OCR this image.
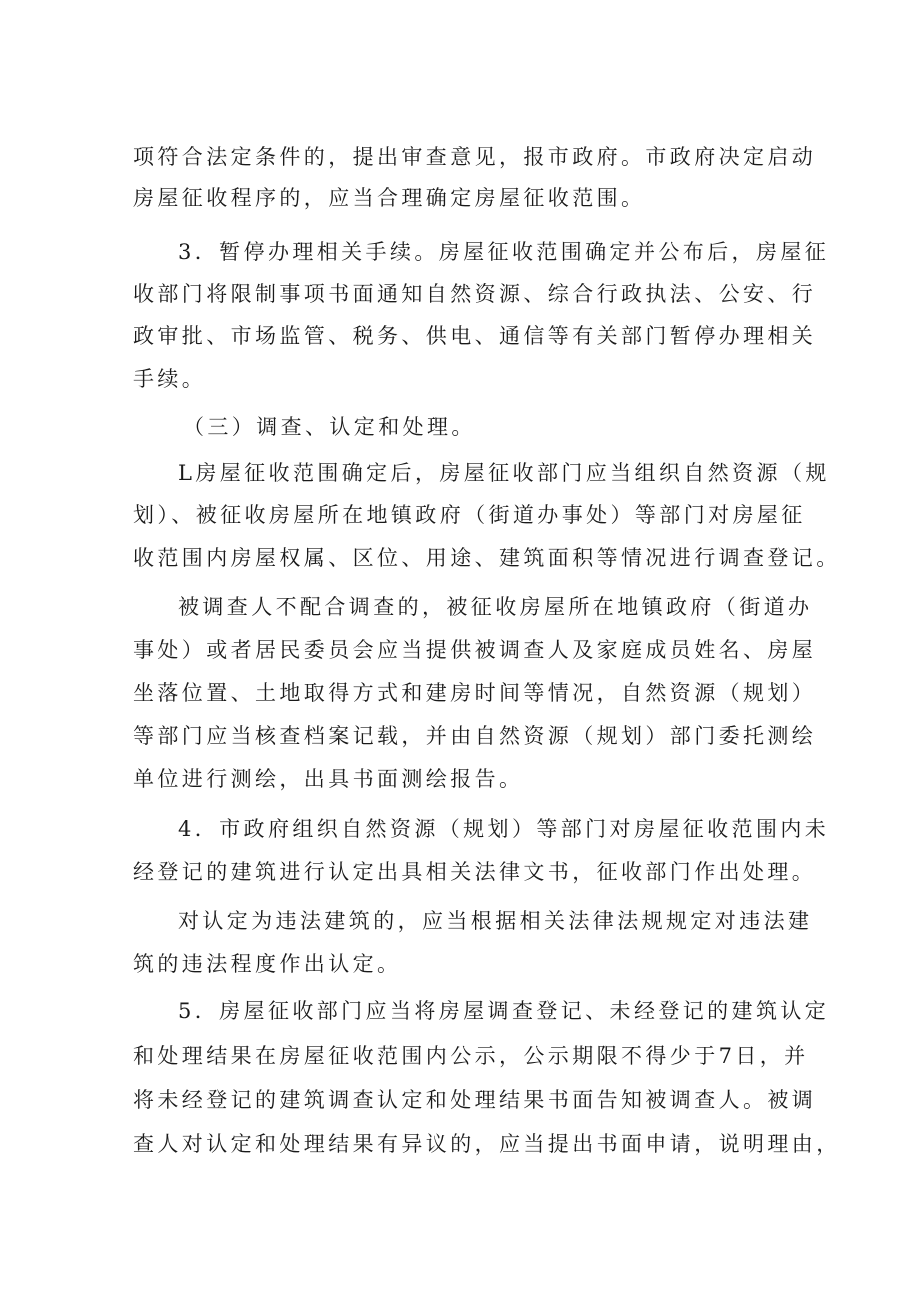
项符合法定条件的，提出审查意见，报市政府。市政府决定启动
房屋征收程序的，应当合理确定房屋征收范围。
3．暂停办理相关手续。房屋征收范围确定并公布后，房屋征
收部门将限制事项书面通知自然资源、综合行政执法、公安、行
政审批、市场监管、税务、供电、通信等有关部门暂停办理相关
手续。
（三）调查、认定和处理。
L房屋征收范围确定后，房屋征收部门应当组织自然资源（规
划）、被征收房屋所在地镇政府（街道办事处）等部门对房屋征
收范围内房屋权属、区位、用途、建筑面积等情况进行调查登记。
被调查人不配合调查的，被征收房屋所在地镇政府（街道办
事处）或者居民委员会应当提供被调查人及家庭成员姓名、房屋
坐落位置、土地取得方式和建房时间等情况，自然资源（规划）
等部门应当核查档案记载，并由自然资源（规划）部门委托测绘
单位进行测绘，出具书面测绘报告。
4．市政府组织自然资源（规划）等部门对房屋征收范围内未
经登记的建筑进行认定出具相关法律文书，征收部门作出处理。
对认定为违法建筑的，应当根据相关法律法规规定对违法建
筑的违法程度作出认定。
5．房屋征收部门应当将房屋调查登记、未经登记的建筑认定
和处理结果在房屋征收范围内公示，公示期限不得少于7日，并
将未经登记的建筑调查认定和处理结果书面告知被调查人。被调
查人对认定和处理结果有异议的，应当提出书面申请，说明理由，
